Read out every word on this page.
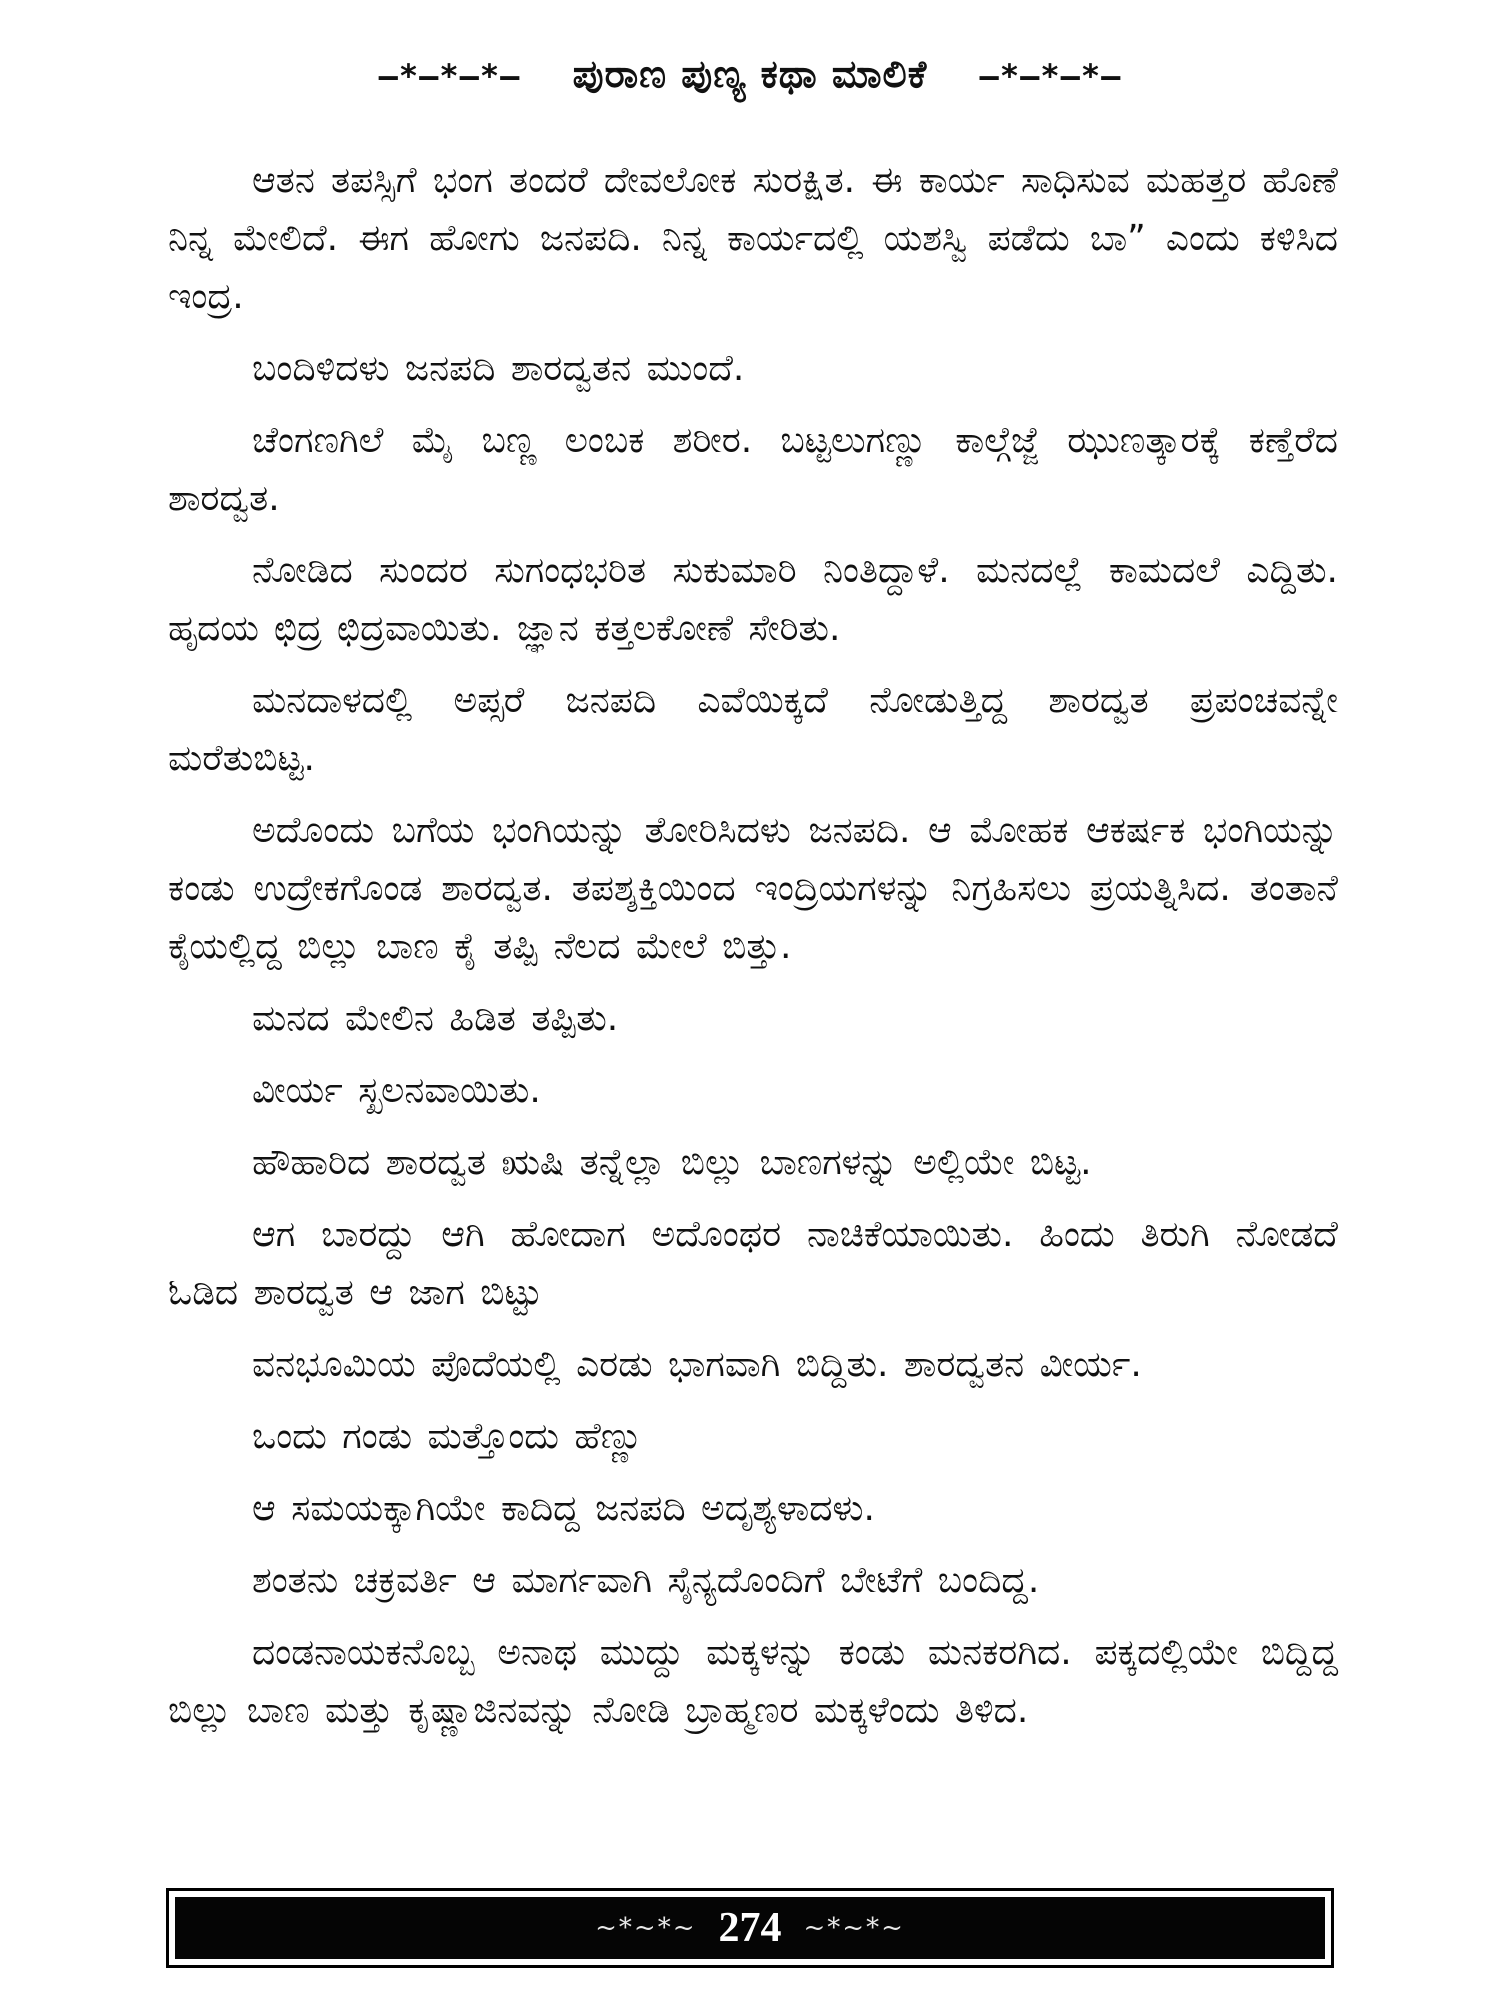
–*–*–*– ಪುರಾಣ ಪುಣ್ಯ ಕಥಾ ಮಾಲಿಕೆ –*–*–*–

ಆತನ ತಪಸ್ಸಿಗೆ ಭಂಗ ತಂದರೆ ದೇವಲೋಕ ಸುರಕ್ಷಿತ. ಈ ಕಾರ್ಯ ಸಾಧಿಸುವ ಮಹತ್ತರ ಹೊಣೆ ನಿನ್ನ ಮೇಲಿದೆ. ಈಗ ಹೋಗು ಜನಪದಿ. ನಿನ್ನ ಕಾರ್ಯದಲ್ಲಿ ಯಶಸ್ವಿ ಪಡೆದು ಬಾ” ಎಂದು ಕಳಿಸಿದ ಇಂದ್ರ.

ಬಂದಿಳಿದಳು ಜನಪದಿ ಶಾರದ್ವತನ ಮುಂದೆ.

ಚೆಂಗಣಗಿಲೆ ಮೈ ಬಣ್ಣ ಲಂಬಕ ಶರೀರ. ಬಟ್ಟಲುಗಣ್ಣು ಕಾಲ್ಗೆಜ್ಜೆ ಝುಣತ್ಕಾರಕ್ಕೆ ಕಣ್ತೆರೆದ ಶಾರದ್ವತ.

ನೋಡಿದ ಸುಂದರ ಸುಗಂಧಭರಿತ ಸುಕುಮಾರಿ ನಿಂತಿದ್ದಾಳೆ. ಮನದಲ್ಲೆ ಕಾಮದಲೆ ಎದ್ದಿತು. ಹೃದಯ ಛಿದ್ರ ಛಿದ್ರವಾಯಿತು. ಜ್ಞಾನ ಕತ್ತಲಕೋಣೆ ಸೇರಿತು.

ಮನದಾಳದಲ್ಲಿ ಅಪ್ಸರೆ ಜನಪದಿ ಎವೆಯಿಕ್ಕದೆ ನೋಡುತ್ತಿದ್ದ ಶಾರದ್ವತ ಪ್ರಪಂಚವನ್ನೇ ಮರೆತುಬಿಟ್ಟ.

ಅದೊಂದು ಬಗೆಯ ಭಂಗಿಯನ್ನು ತೋರಿಸಿದಳು ಜನಪದಿ. ಆ ಮೋಹಕ ಆಕರ್ಷಕ ಭಂಗಿಯನ್ನು ಕಂಡು ಉದ್ರೇಕಗೊಂಡ ಶಾರದ್ವತ. ತಪಶ್ಶಕ್ತಿಯಿಂದ ಇಂದ್ರಿಯಗಳನ್ನು ನಿಗ್ರಹಿಸಲು ಪ್ರಯತ್ನಿಸಿದ. ತಂತಾನೆ ಕೈಯಲ್ಲಿದ್ದ ಬಿಲ್ಲು ಬಾಣ ಕೈ ತಪ್ಪಿ ನೆಲದ ಮೇಲೆ ಬಿತ್ತು.

ಮನದ ಮೇಲಿನ ಹಿಡಿತ ತಪ್ಪಿತು.

ವೀರ್ಯ ಸ್ಖಲನವಾಯಿತು.

ಹೌಹಾರಿದ ಶಾರದ್ವತ ಋಷಿ ತನ್ನೆಲ್ಲಾ ಬಿಲ್ಲು ಬಾಣಗಳನ್ನು ಅಲ್ಲಿಯೇ ಬಿಟ್ಟ.

ಆಗ ಬಾರದ್ದು ಆಗಿ ಹೋದಾಗ ಅದೊಂಥರ ನಾಚಿಕೆಯಾಯಿತು. ಹಿಂದು ತಿರುಗಿ ನೋಡದೆ ಓಡಿದ ಶಾರದ್ವತ ಆ ಜಾಗ ಬಿಟ್ಟು

ವನಭೂಮಿಯ ಪೊದೆಯಲ್ಲಿ ಎರಡು ಭಾಗವಾಗಿ ಬಿದ್ದಿತು. ಶಾರದ್ವತನ ವೀರ್ಯ.

ಒಂದು ಗಂಡು ಮತ್ತೊಂದು ಹೆಣ್ಣು

ಆ ಸಮಯಕ್ಕಾಗಿಯೇ ಕಾದಿದ್ದ ಜನಪದಿ ಅದೃಶ್ಯಳಾದಳು.

ಶಂತನು ಚಕ್ರವರ್ತಿ ಆ ಮಾರ್ಗವಾಗಿ ಸೈನ್ಯದೊಂದಿಗೆ ಬೇಟೆಗೆ ಬಂದಿದ್ದ.

ದಂಡನಾಯಕನೊಬ್ಬ ಅನಾಥ ಮುದ್ದು ಮಕ್ಕಳನ್ನು ಕಂಡು ಮನಕರಗಿದ. ಪಕ್ಕದಲ್ಲಿಯೇ ಬಿದ್ದಿದ್ದ ಬಿಲ್ಲು ಬಾಣ ಮತ್ತು ಕೃಷ್ಣಾಜಿನವನ್ನು ನೋಡಿ ಬ್ರಾಹ್ಮಣರ ಮಕ್ಕಳೆಂದು ತಿಳಿದ.

~*~*~ 274 ~*~*~
